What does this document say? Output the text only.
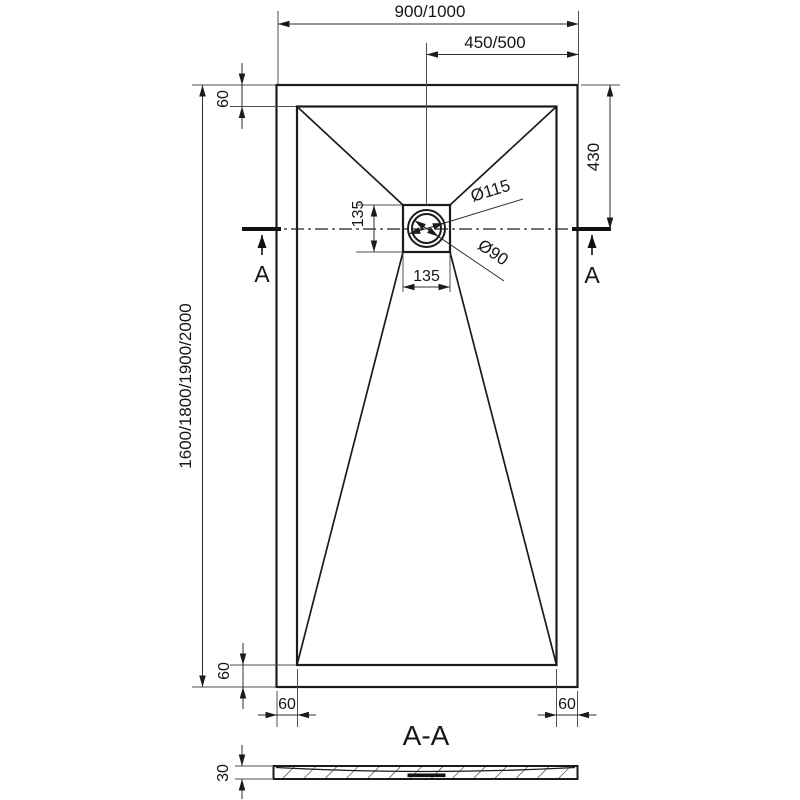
A	A
900/1000
450/500
1600/1800/1900/2000
60
60
60	60
430
135
135
Ø115
Ø90
A-A
30
